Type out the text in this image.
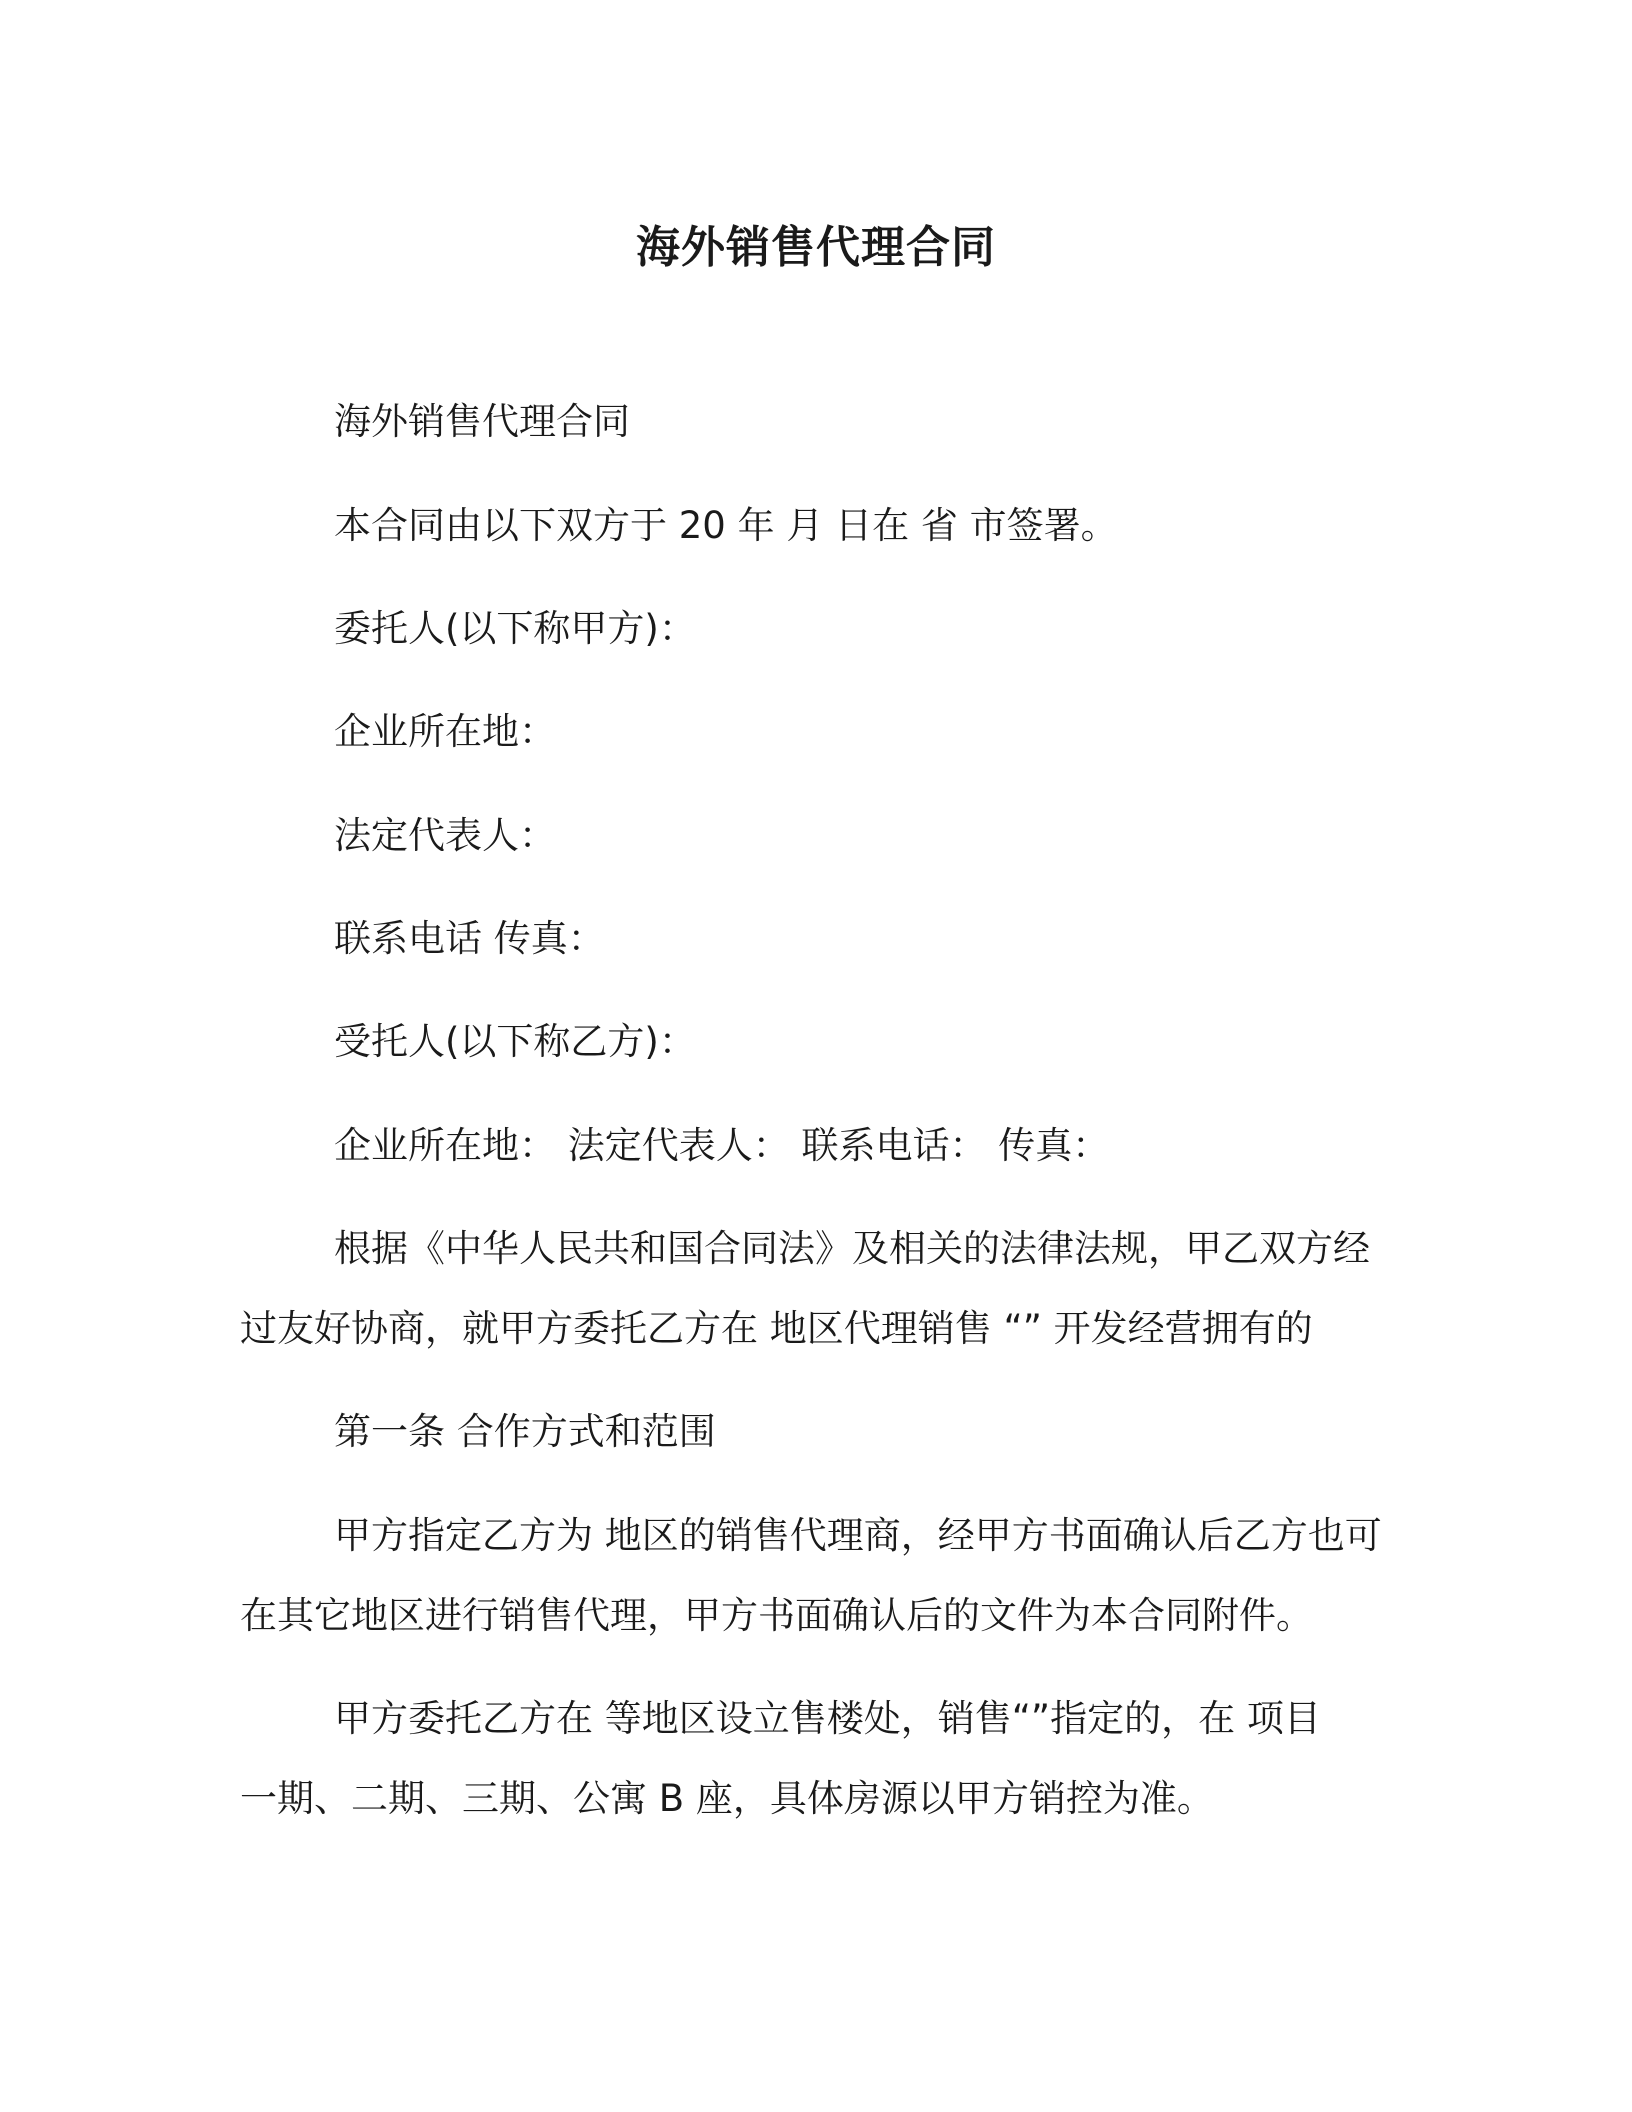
海外销售代理合同
海外销售代理合同
本合同由以下双方于 20 年 月 日在 省 市签署。
委托人(以下称甲方)：
企业所在地：
法定代表人：
联系电话 传真：
受托人(以下称乙方)：
企业所在地： 法定代表人： 联系电话： 传真：
根据《中华人民共和国合同法》及相关的法律法规，甲乙双方经
过友好协商，就甲方委托乙方在 地区代理销售 “” 开发经营拥有的
第一条 合作方式和范围
甲方指定乙方为 地区的销售代理商，经甲方书面确认后乙方也可
在其它地区进行销售代理，甲方书面确认后的文件为本合同附件。
甲方委托乙方在 等地区设立售楼处，销售“”指定的，在 项目
一期、二期、三期、公寓 B 座，具体房源以甲方销控为准。
